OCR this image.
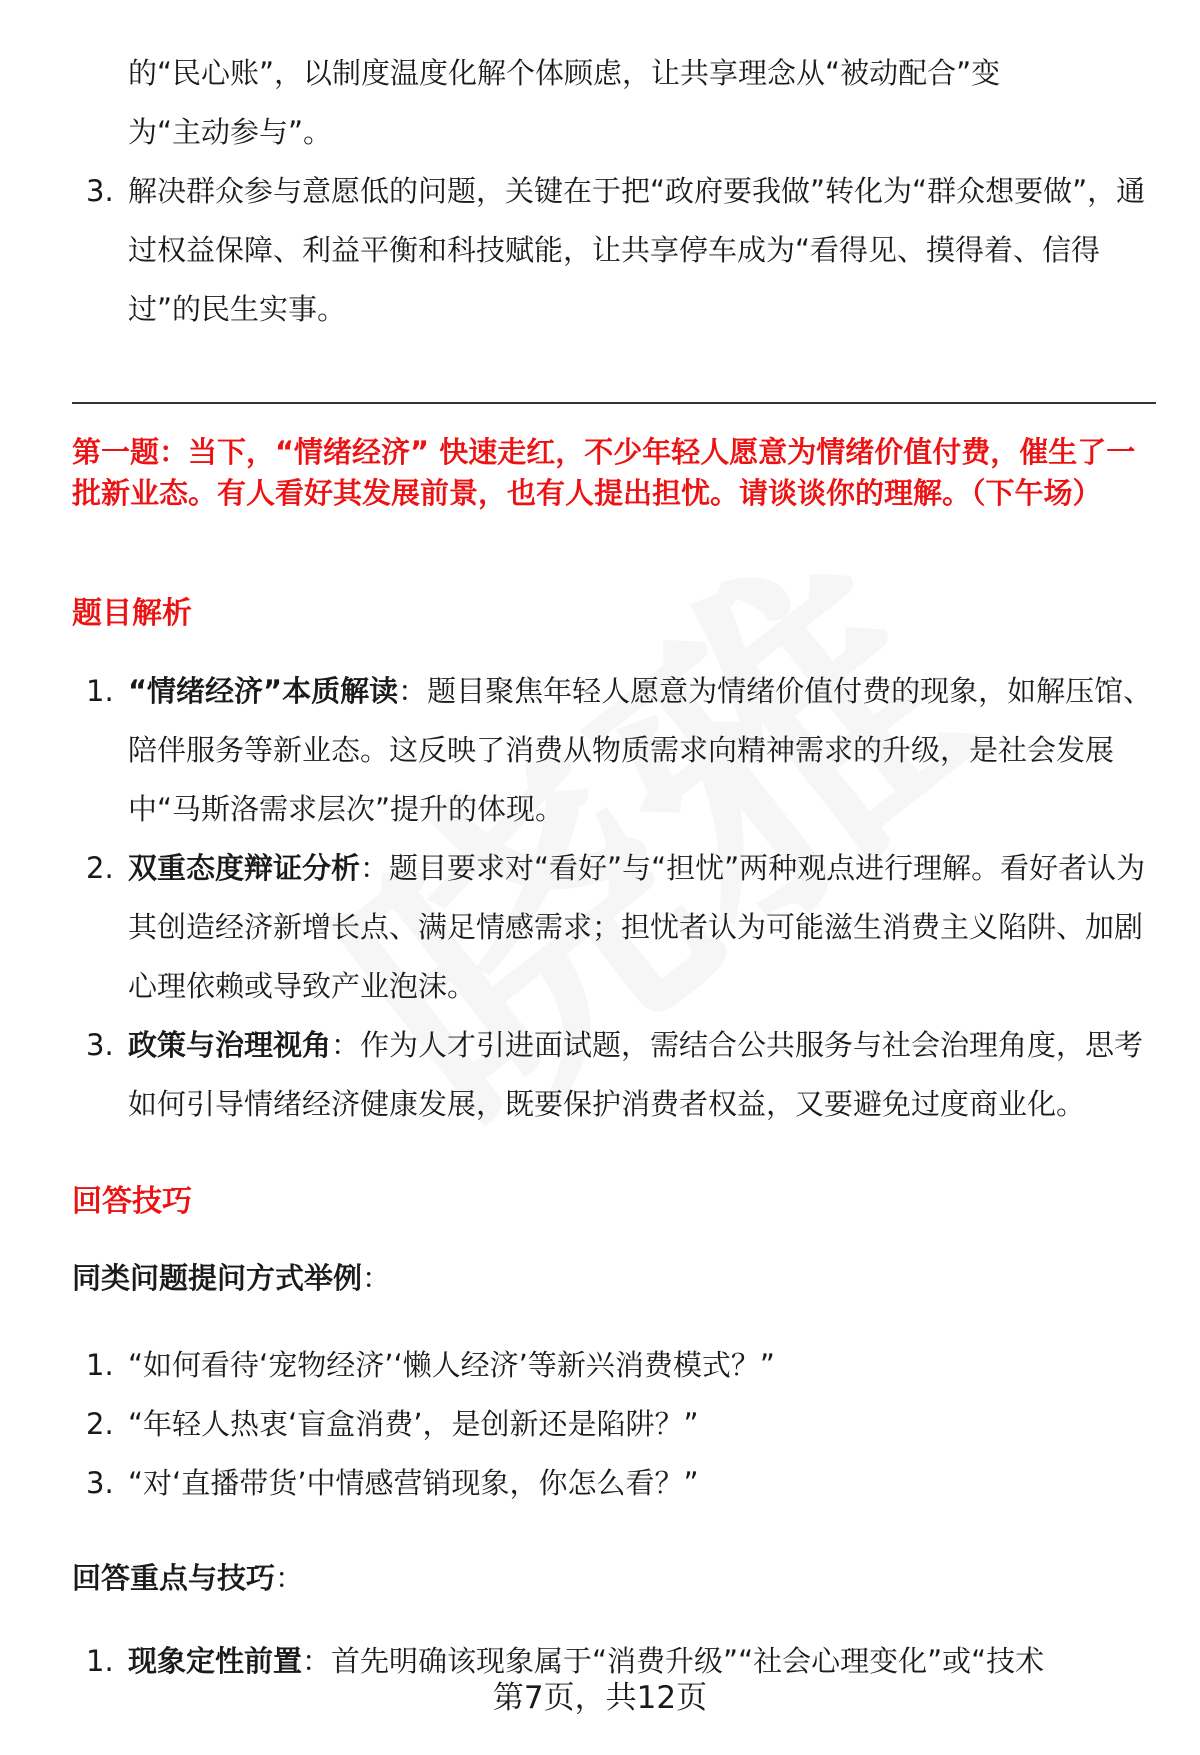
的“民心账”，以制度温度化解个体顾虑，让共享理念从“被动配合”变
为“主动参与”。
3. 解决群众参与意愿低的问题，关键在于把“政府要我做”转化为“群众想要做”，通过权益保障、利益平衡和科技赋能，让共享停车成为“看得见、摸得着、信得过”的民生实事。
第一题：当下，“情绪经济” 快速走红，不少年轻人愿意为情绪价值付费，催生了一批新业态。有人看好其发展前景，也有人提出担忧。请谈谈你的理解。（下午场）
题目解析
1. “情绪经济”本质解读：题目聚焦年轻人愿意为情绪价值付费的现象，如解压馆、陪伴服务等新业态。这反映了消费从物质需求向精神需求的升级，是社会发展中“马斯洛需求层次”提升的体现。
2. 双重态度辩证分析：题目要求对“看好”与“担忧”两种观点进行理解。看好者认为其创造经济新增长点、满足情感需求；担忧者认为可能滋生消费主义陷阱、加剧心理依赖或导致产业泡沫。
3. 政策与治理视角：作为人才引进面试题，需结合公共服务与社会治理角度，思考如何引导情绪经济健康发展，既要保护消费者权益，又要避免过度商业化。
回答技巧
同类问题提问方式举例：
1. “如何看待‘宠物经济’‘懒人经济’等新兴消费模式？”
2. “年轻人热衷‘盲盒消费’，是创新还是陷阱？”
3. “对‘直播带货’中情感营销现象，你怎么看？”
回答重点与技巧：
1. 现象定性前置：首先明确该现象属于“消费升级”“社会心理变化”或“技术
第7页，共12页
